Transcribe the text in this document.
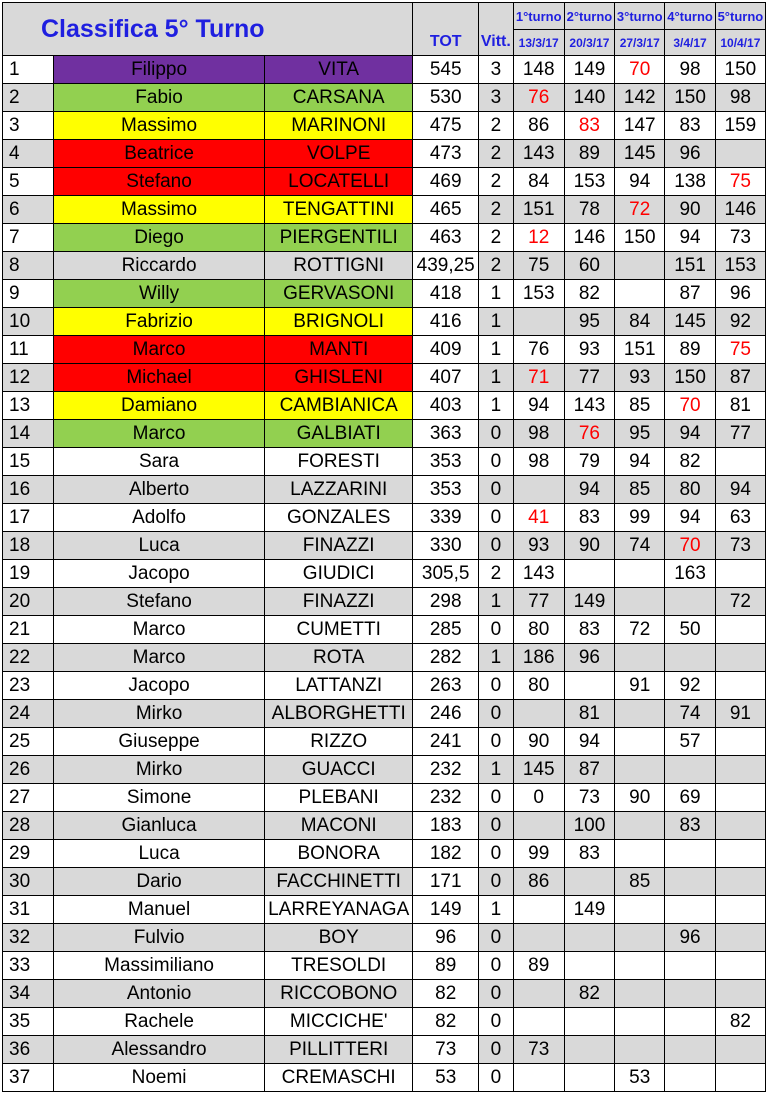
Classifica 5° Turno			TOT	Vitt.	1°turno	2°turno	3°turno	4°turno	5°turno
					13/3/17	20/3/17	27/3/17	3/4/17	10/4/17
1	Filippo	VITA	545	3	148	149	70	98	150
2	Fabio	CARSANA	530	3	76	140	142	150	98
3	Massimo	MARINONI	475	2	86	83	147	83	159
4	Beatrice	VOLPE	473	2	143	89	145	96	
5	Stefano	LOCATELLI	469	2	84	153	94	138	75
6	Massimo	TENGATTINI	465	2	151	78	72	90	146
7	Diego	PIERGENTILI	463	2	12	146	150	94	73
8	Riccardo	ROTTIGNI	439,25	2	75	60		151	153
9	Willy	GERVASONI	418	1	153	82		87	96
10	Fabrizio	BRIGNOLI	416	1		95	84	145	92
11	Marco	MANTI	409	1	76	93	151	89	75
12	Michael	GHISLENI	407	1	71	77	93	150	87
13	Damiano	CAMBIANICA	403	1	94	143	85	70	81
14	Marco	GALBIATI	363	0	98	76	95	94	77
15	Sara	FORESTI	353	0	98	79	94	82	
16	Alberto	LAZZARINI	353	0		94	85	80	94
17	Adolfo	GONZALES	339	0	41	83	99	94	63
18	Luca	FINAZZI	330	0	93	90	74	70	73
19	Jacopo	GIUDICI	305,5	2	143			163	
20	Stefano	FINAZZI	298	1	77	149			72
21	Marco	CUMETTI	285	0	80	83	72	50	
22	Marco	ROTA	282	1	186	96			
23	Jacopo	LATTANZI	263	0	80		91	92	
24	Mirko	ALBORGHETTI	246	0		81		74	91
25	Giuseppe	RIZZO	241	0	90	94		57	
26	Mirko	GUACCI	232	1	145	87			
27	Simone	PLEBANI	232	0	0	73	90	69	
28	Gianluca	MACONI	183	0		100		83	
29	Luca	BONORA	182	0	99	83			
30	Dario	FACCHINETTI	171	0	86		85		
31	Manuel	LARREYANAGA	149	1		149			
32	Fulvio	BOY	96	0				96	
33	Massimiliano	TRESOLDI	89	0	89				
34	Antonio	RICCOBONO	82	0		82			
35	Rachele	MICCICHE'	82	0					82
36	Alessandro	PILLITTERI	73	0	73				
37	Noemi	CREMASCHI	53	0			53		
